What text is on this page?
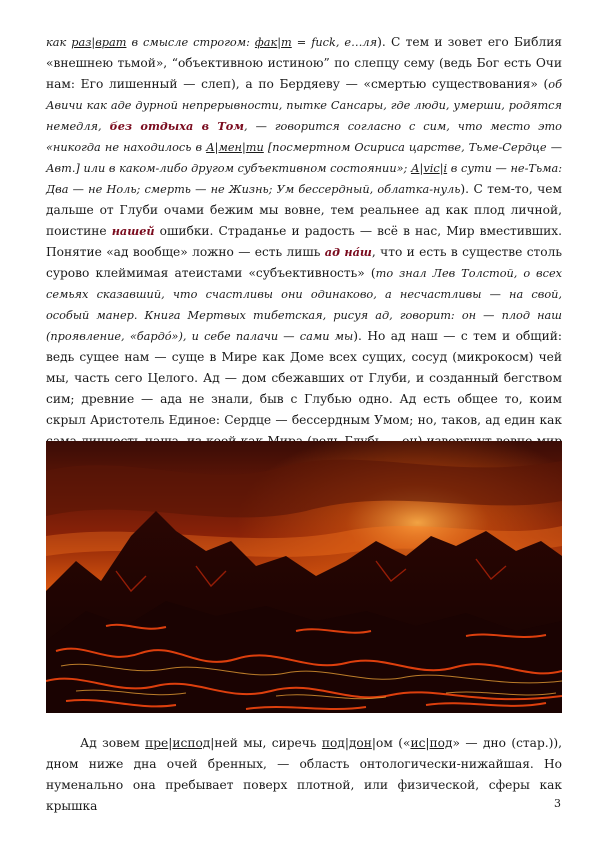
как раз|врат в смысле строгом: фак|т = fuck, е…ля). С тем и зовет его Библия «внешнею тьмой», “объективною истиною” по слепцу сему (ведь Бог есть Очи нам: Его лишенный — слеп), а по Бердяеву — «смертью существования» (об Авичи как аде дурной непрерывности, пытке Сансары, где люди, умерши, родятся немедля, без отдыха в Том, — говорится согласно с сим, что место это «никогда не находилось в А|мен|ти [посмертном Осириса царстве, Тьме-Сердце — Авт.] или в каком-либо другом субъективном состоянии»; А|vic|i в сути — не-Тьма: Два — не Ноль; смерть — не Жизнь; Ум бессердный, облатка-нуль). С тем-то, чем дальше от Глуби очами бежим мы вовне, тем реальнее ад как плод личной, поистине нашей ошибки. Страданье и радость — всё в нас, Мир вместивших. Понятие «ад вообще» ложно — есть лишь ад на́ш, что и есть в существе столь сурово клеймимая атеистами «субъективность» (то знал Лев Толстой, о всех семьях сказавший, что счастливы они одинаково, а несчастливы — на свой, особый манер. Книга Мертвых тибетская, рисуя ад, говорит: он — плод наш (проявление, «бардо́»), и себе палачи — сами мы). Но ад наш — с тем и общий: ведь сущее нам — суще в Мире как Доме всех сущих, сосуд (микрокосм) чей мы, часть сего Целого. Ад — дом сбежавших от Глуби, и созданный бегством сим; древние — ада не знали, быв с Глубью одно. Ад есть общее то, коим скрыл Аристотель Единое: Сердце — бессердным Умом; но, таков, ад един как

Ад зовем пре|испод|ней мы, сиречь под|дон|ом («ис|под» — дно (стар.)), дном ниже дна очей бренных, — область онтологически-нижайшая. Но нуменально она пребывает поверх плотной, или физической, сферы как крышка	3
